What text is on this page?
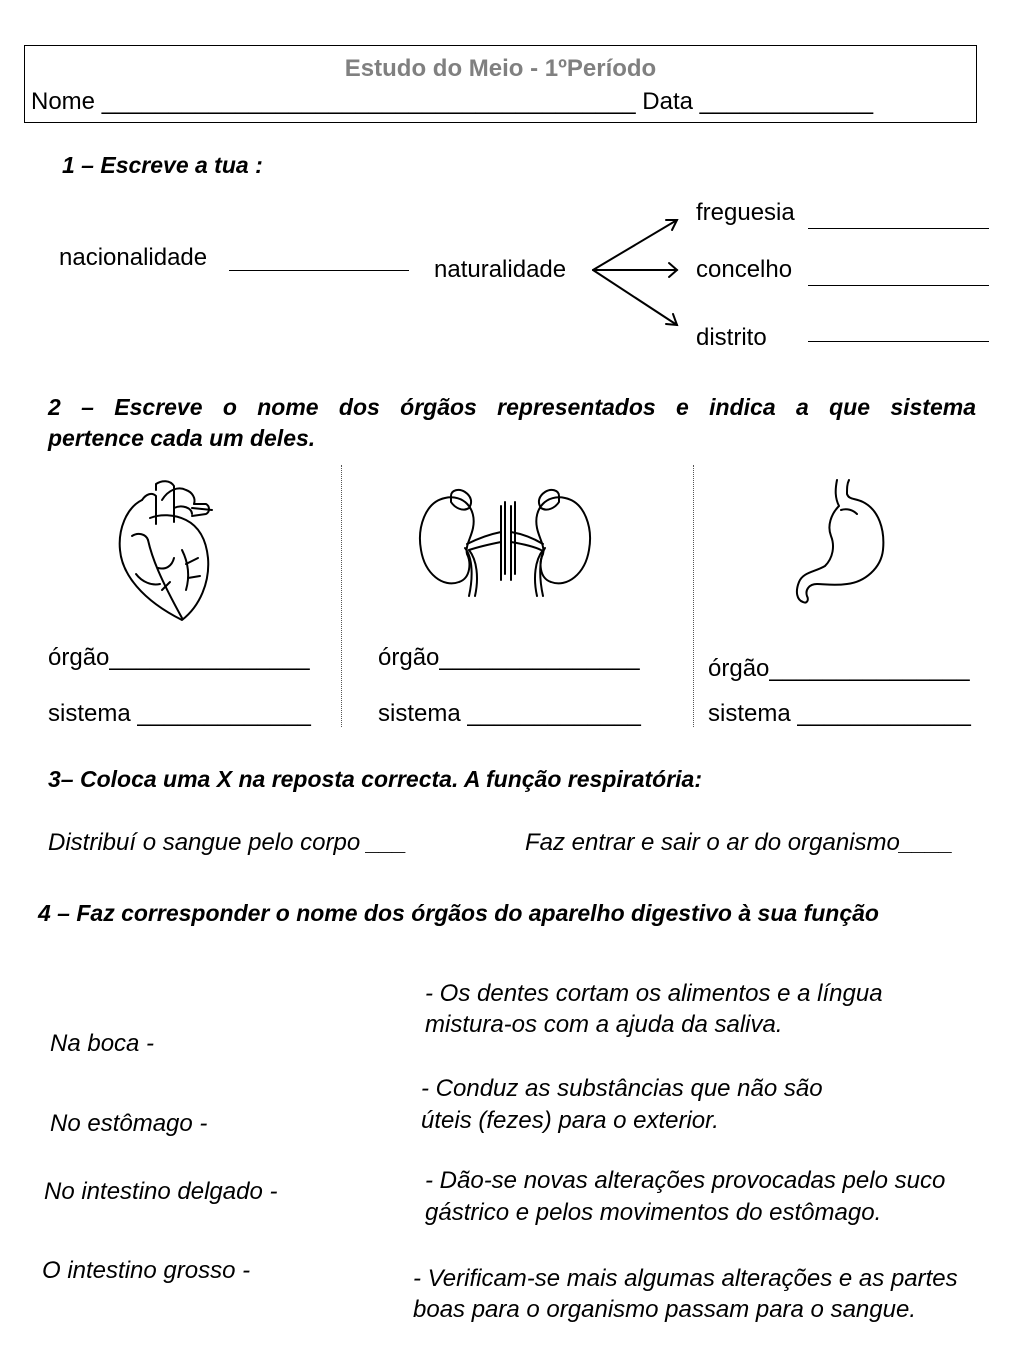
Estudo do Meio - 1ºPeríodo
Nome ________________________________________ Data _____________
1 – Escreve a tua :
nacionalidade	naturalidade
freguesia
concelho
distrito
2 – Escreve o nome dos órgãos representados e indica a que sistema
pertence cada um deles.
órgão_______________
sistema _____________
órgão_______________
sistema _____________
órgão_______________
sistema _____________
3– Coloca uma X na reposta correcta. A função respiratória:
Distribuí o sangue pelo corpo ___	Faz entrar e sair o ar do organismo____
4 – Faz corresponder o nome dos órgãos do aparelho digestivo à sua função
Na boca -
No estômago -
No intestino delgado -
O intestino grosso -
- Os dentes cortam os alimentos e a língua
mistura-os com a ajuda da saliva.
- Conduz as substâncias que não são
úteis (fezes) para o exterior.
- Dão-se novas alterações provocadas pelo suco
gástrico e pelos movimentos do estômago.
- Verificam-se mais algumas alterações e as partes
boas para o organismo passam para o sangue.
